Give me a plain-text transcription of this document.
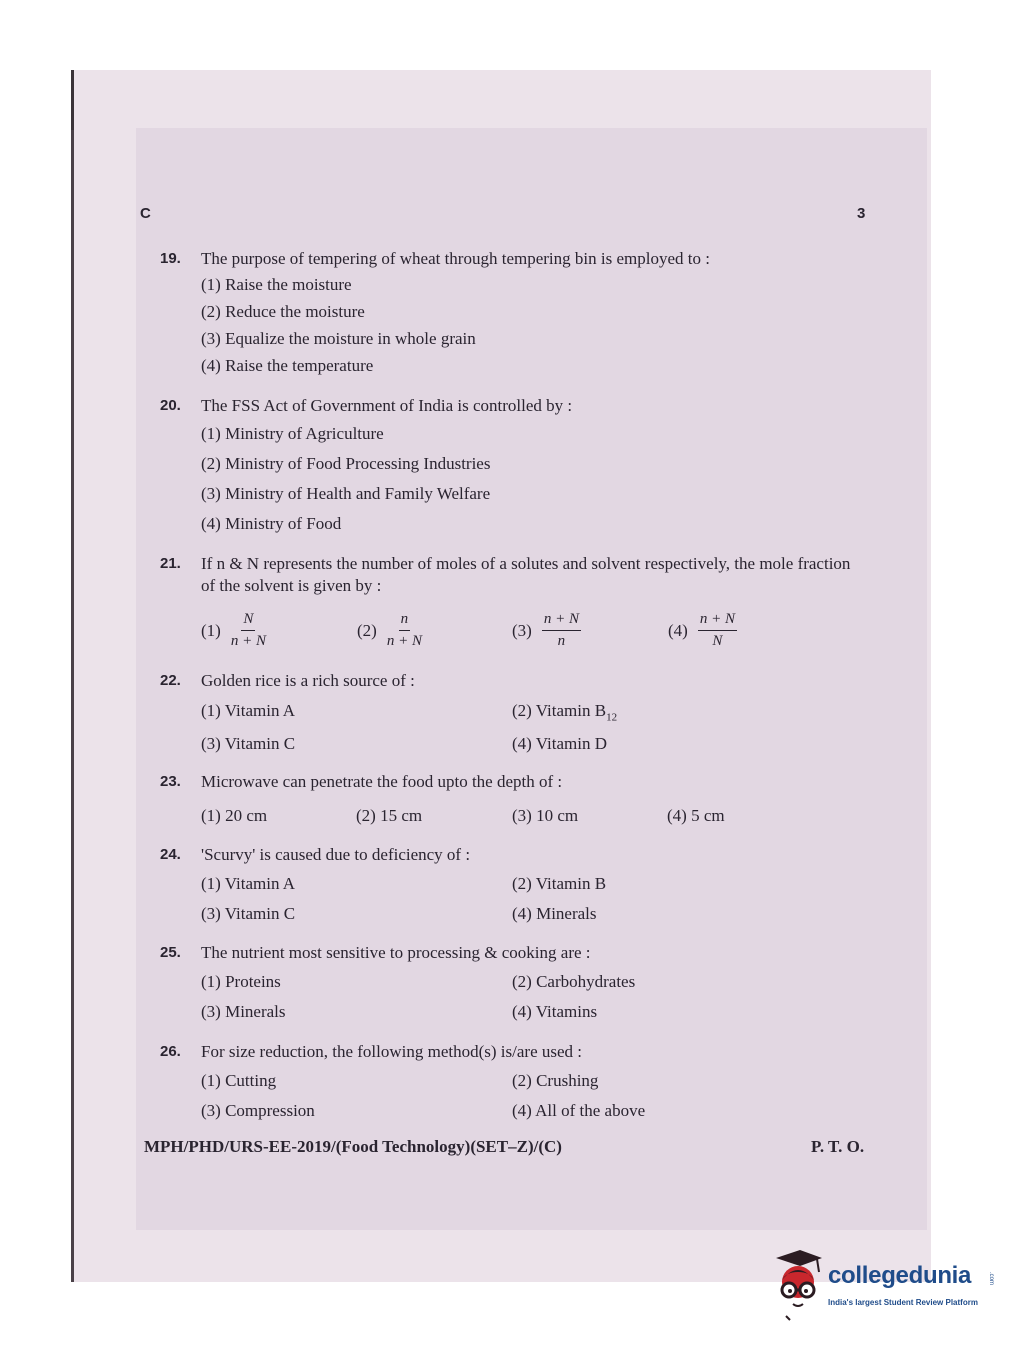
C	3
19. The purpose of tempering of wheat through tempering bin is employed to :
(1) Raise the moisture
(2) Reduce the moisture
(3) Equalize the moisture in whole grain
(4) Raise the temperature
20. The FSS Act of Government of India is controlled by :
(1) Ministry of Agriculture
(2) Ministry of Food Processing Industries
(3) Ministry of Health and Family Welfare
(4) Ministry of Food
21. If n & N represents the number of moles of a solutes and solvent respectively, the mole fraction of the solvent is given by :
$(1) \frac{N}{n + N}$	$(2) \frac{n}{n + N}$	$(3) \frac{n + N}{n}$	$(4) \frac{n + N}{N}$
22. Golden rice is a rich source of :
(1) Vitamin A	(2) Vitamin $B_{12}$
(3) Vitamin C	(4) Vitamin D
23. Microwave can penetrate the food upto the depth of :
(1) 20 cm	(2) 15 cm	(3) 10 cm	(4) 5 cm
24. 'Scurvy' is caused due to deficiency of :
(1) Vitamin A	(2) Vitamin B
(3) Vitamin C	(4) Minerals
25. The nutrient most sensitive to processing & cooking are :
(1) Proteins	(2) Carbohydrates
(3) Minerals	(4) Vitamins
26. For size reduction, the following method(s) is/are used :
(1) Cutting	(2) Crushing
(3) Compression	(4) All of the above
MPH/PHD/URS-EE-2019/(Food Technology)(SET–Z)/(C)	P. T. O.
collegedunia	.com
India's largest Student Review Platform
